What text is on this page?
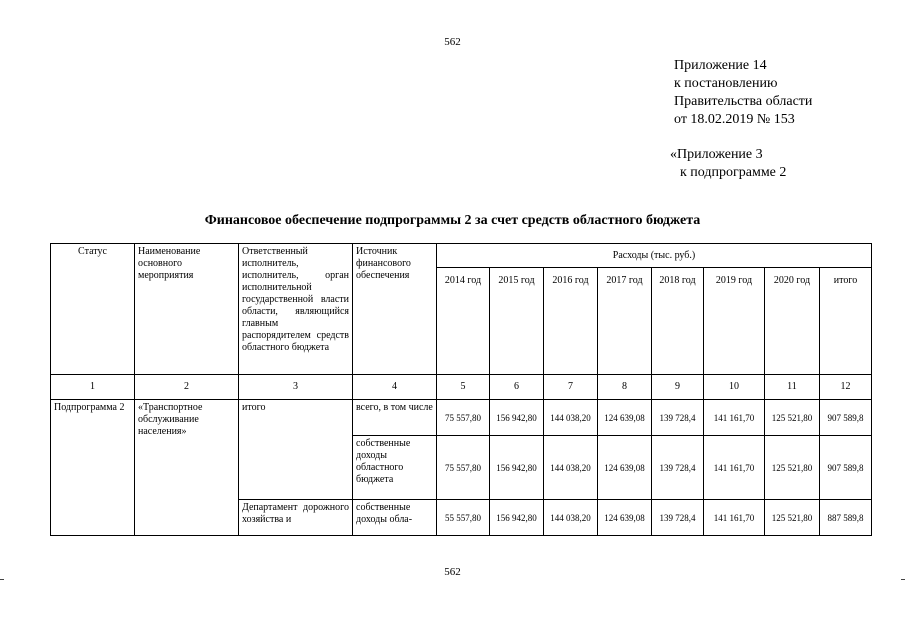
562
Приложение 14
к постановлению
Правительства области
от 18.02.2019 № 153
«Приложение 3
к подпрограмме 2
Финансовое обеспечение подпрограммы 2 за счет средств областного бюджета
Статус	Наименование основного мероприятия	Ответственный исполнитель, исполнитель, орган исполнительной государственной власти области, являющийся главным распорядителем средств областного бюджета	Источник финансового обеспечения	Расходы (тыс. руб.)							
				2014 год	2015 год	2016 год	2017 год	2018 год	2019 год	2020 год	итого
1	2	3	4	5	6	7	8	9	10	11	12
Подпрограмма 2	«Транспортное обслуживание населения»	итого	всего, в том числе	75 557,80	156 942,80	144 038,20	124 639,08	139 728,4	141 161,70	125 521,80	907 589,8
			собственные доходы областного бюджета	75 557,80	156 942,80	144 038,20	124 639,08	139 728,4	141 161,70	125 521,80	907 589,8
		Департамент дорожного хозяйства и	собственные доходы обла-	55 557,80	156 942,80	144 038,20	124 639,08	139 728,4	141 161,70	125 521,80	887 589,8
562
